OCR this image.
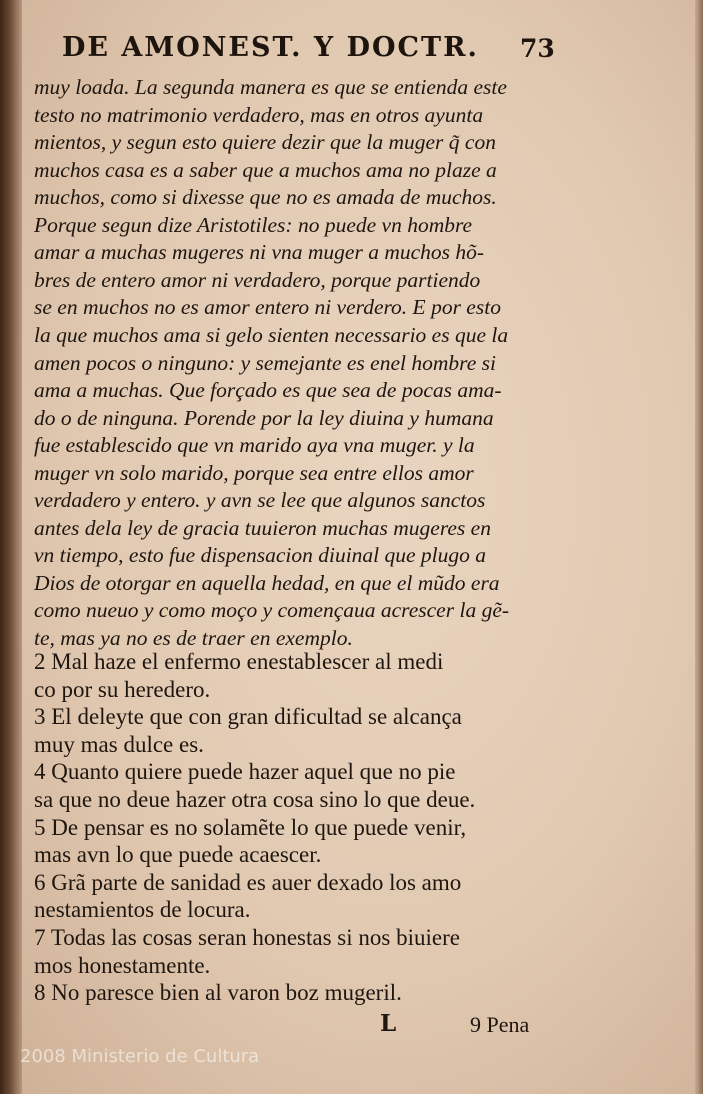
DE AMONEST. Y DOCTR.	73
muy loada. La segunda manera es que se entienda este
testo no matrimonio verdadero, mas en otros ayunta
mientos, y segun esto quiere dezir que la muger q̃ con
muchos casa es a saber que a muchos ama no plaze a
muchos, como si dixesse que no es amada de muchos.
Porque segun dize Aristotiles: no puede vn hombre
amar a muchas mugeres ni vna muger a muchos hõ-
bres de entero amor ni verdadero, porque partiendo
se en muchos no es amor entero ni verdero. E por esto
la que muchos ama si gelo sienten necessario es que la
amen pocos o ninguno: y semejante es enel hombre si
ama a muchas. Que forçado es que sea de pocas ama-
do o de ninguna. Porende por la ley diuina y humana
fue establescido que vn marido aya vna muger. y la
muger vn solo marido, porque sea entre ellos amor
verdadero y entero. y avn se lee que algunos sanctos
antes dela ley de gracia tuuieron muchas mugeres en
vn tiempo, esto fue dispensacion diuinal que plugo a
Dios de otorgar en aquella hedad, en que el mũdo era
como nueuo y como moço y començaua acrescer la gẽ-
te, mas ya no es de traer en exemplo.
2 Mal haze el enfermo enestablescer al medi
co por su heredero.
3 El deleyte que con gran dificultad se alcança
muy mas dulce es.
4 Quanto quiere puede hazer aquel que no pie
sa que no deue hazer otra cosa sino lo que deue.
5 De pensar es no solamẽte lo que puede venir,
mas avn lo que puede acaescer.
6 Grã parte de sanidad es auer dexado los amo
nestamientos de locura.
7 Todas las cosas seran honestas si nos biuiere
mos honestamente.
8 No paresce bien al varon boz mugeril.
L	9 Pena
2008 Ministerio de Cultura
